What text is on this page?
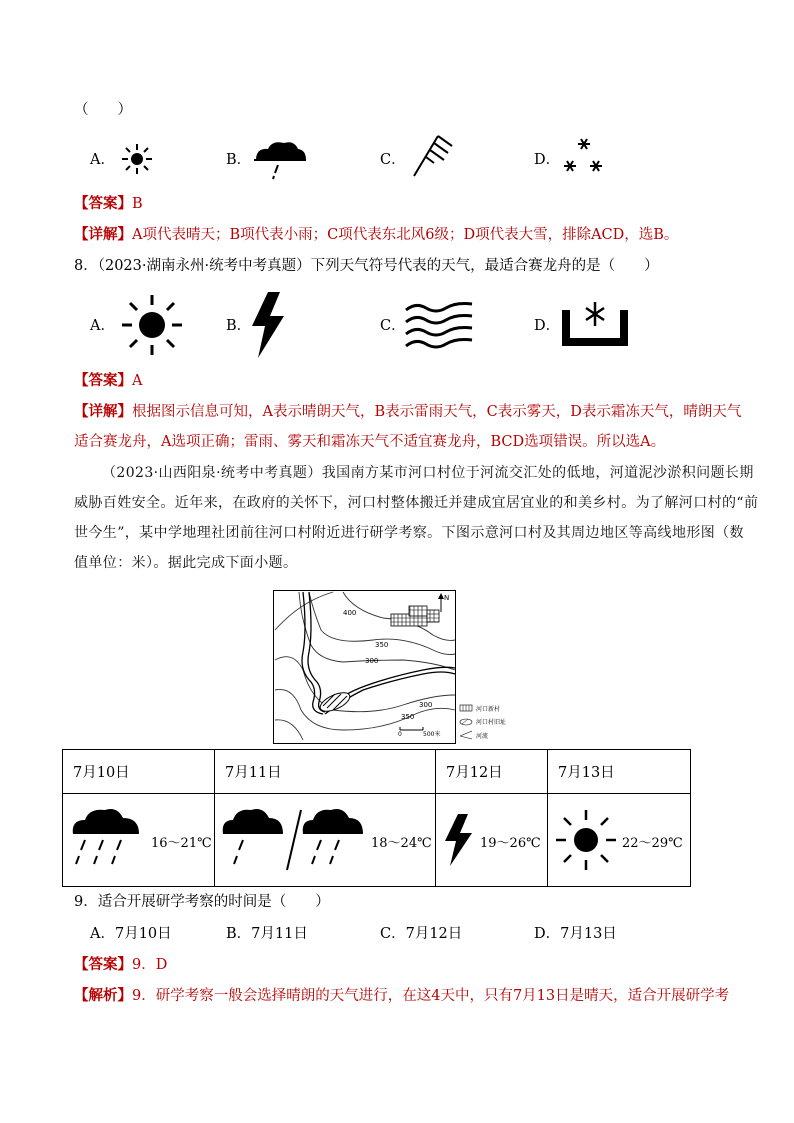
（　　）
A．	B．	C．	D．
【答案】B
【详解】A项代表晴天；B项代表小雨；C项代表东北风6级；D项代表大雪，排除ACD，选B。
8．（2023·湖南永州·统考中考真题）下列天气符号代表的天气，最适合赛龙舟的是（　　）
A．	B．	C．	D．
【答案】A
【详解】根据图示信息可知，A表示晴朗天气，B表示雷雨天气，C表示雾天，D表示霜冻天气，晴朗天气
适合赛龙舟，A选项正确；雷雨、雾天和霜冻天气不适宜赛龙舟，BCD选项错误。所以选A。
（2023·山西阳泉·统考中考真题）我国南方某市河口村位于河流交汇处的低地，河道泥沙淤积问题长期
威胁百姓安全。近年来，在政府的关怀下，河口村整体搬迁并建成宜居宜业的和美乡村。为了解河口村的“前
世今生”，某中学地理社团前往河口村附近进行研学考察。下图示意河口村及其周边地区等高线地形图（数
值单位：米）。据此完成下面小题。
400
350
300
300
350
N
0	500米
河口新村
河口村旧址
河流
7月10日	7月11日	7月12日	7月13日

16～21℃	18～24℃	19～26℃	22～29℃
9．适合开展研学考察的时间是（　　）
A．7月10日	B．7月11日	C．7月12日	D．7月13日
【答案】9．D
【解析】9．研学考察一般会选择晴朗的天气进行，在这4天中，只有7月13日是晴天，适合开展研学考
